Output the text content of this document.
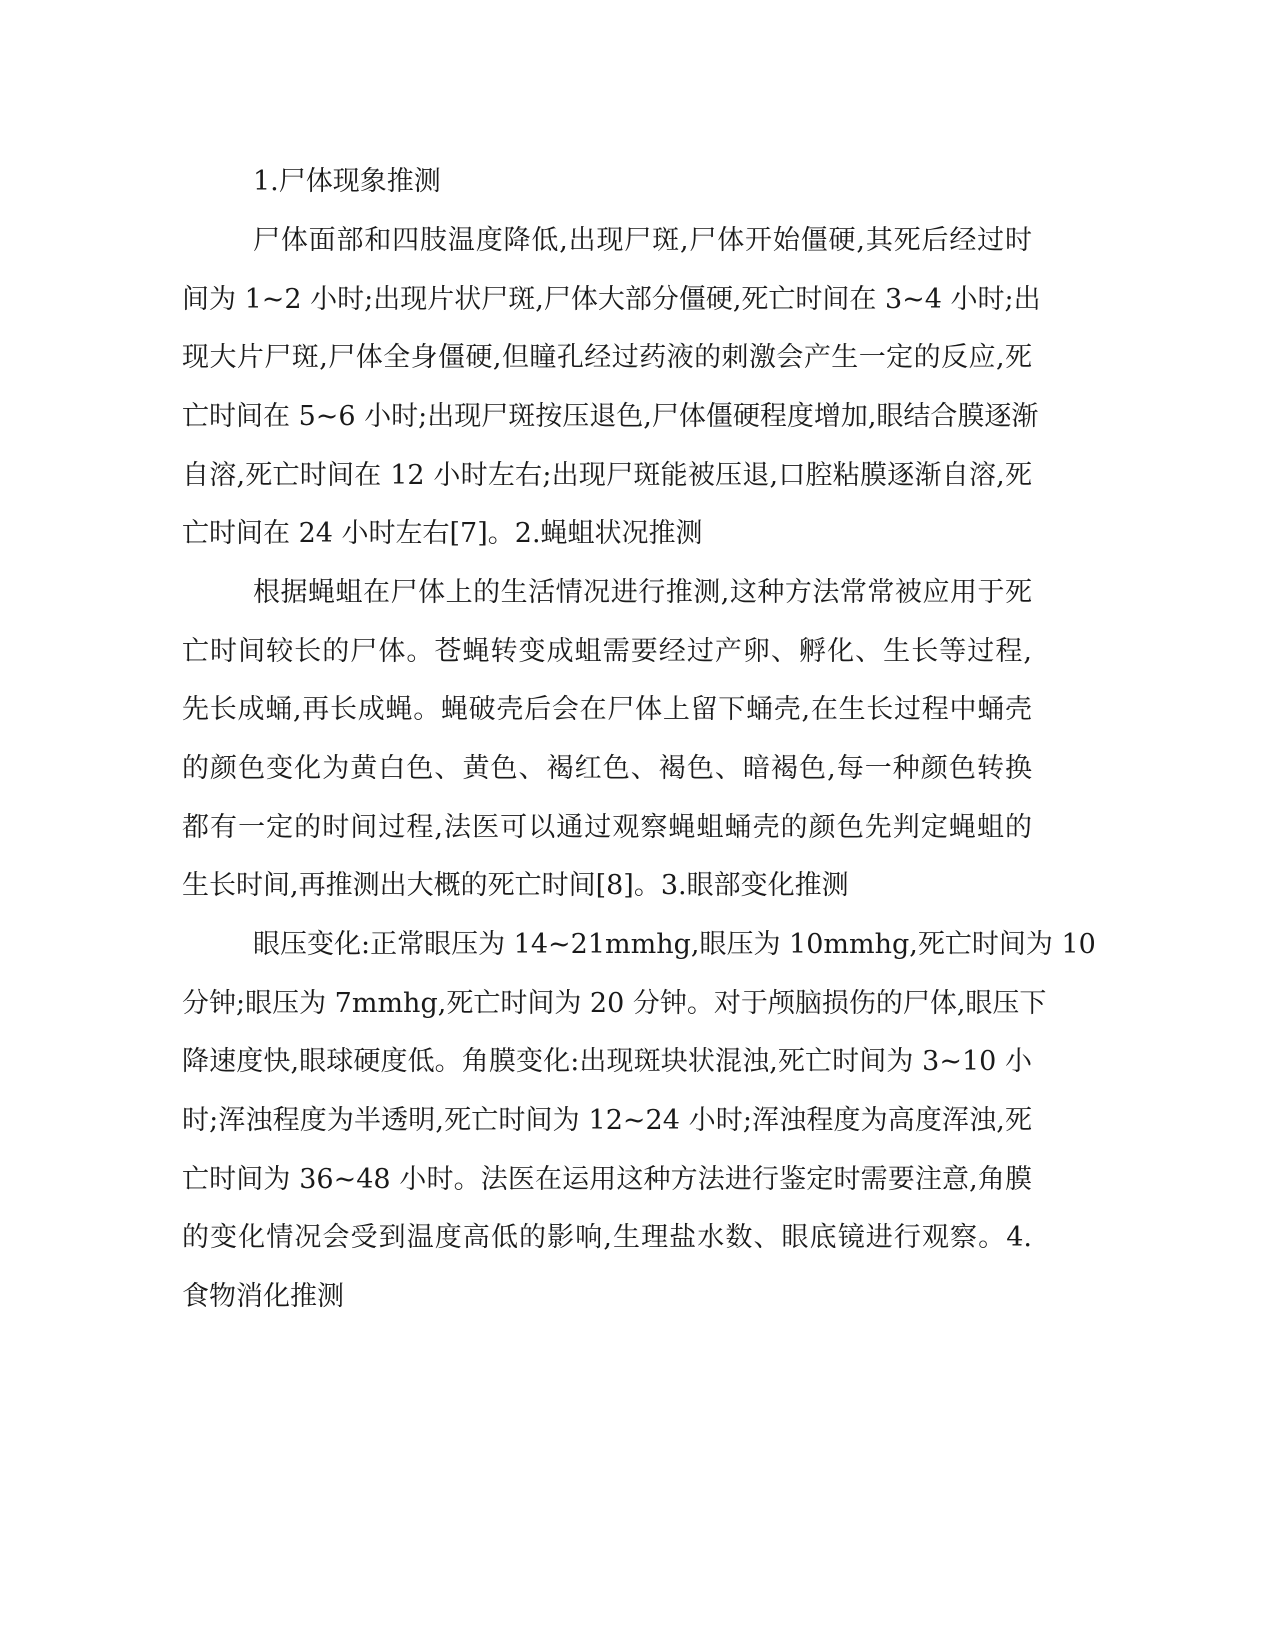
1.尸体现象推测
尸体面部和四肢温度降低,出现尸斑,尸体开始僵硬,其死后经过时
间为 1~2 小时;出现片状尸斑,尸体大部分僵硬,死亡时间在 3~4 小时;出
现大片尸斑,尸体全身僵硬,但瞳孔经过药液的刺激会产生一定的反应,死
亡时间在 5~6 小时;出现尸斑按压退色,尸体僵硬程度增加,眼结合膜逐渐
自溶,死亡时间在 12 小时左右;出现尸斑能被压退,口腔粘膜逐渐自溶,死
亡时间在 24 小时左右[7]。2.蝇蛆状况推测
根据蝇蛆在尸体上的生活情况进行推测,这种方法常常被应用于死
亡时间较长的尸体。苍蝇转变成蛆需要经过产卵、孵化、生长等过程,
先长成蛹,再长成蝇。蝇破壳后会在尸体上留下蛹壳,在生长过程中蛹壳
的颜色变化为黄白色、黄色、褐红色、褐色、暗褐色,每一种颜色转换
都有一定的时间过程,法医可以通过观察蝇蛆蛹壳的颜色先判定蝇蛆的
生长时间,再推测出大概的死亡时间[8]。3.眼部变化推测
眼压变化:正常眼压为 14~21mmhg,眼压为 10mmhg,死亡时间为 10
分钟;眼压为 7mmhg,死亡时间为 20 分钟。对于颅脑损伤的尸体,眼压下
降速度快,眼球硬度低。角膜变化:出现斑块状混浊,死亡时间为 3~10 小
时;浑浊程度为半透明,死亡时间为 12~24 小时;浑浊程度为高度浑浊,死
亡时间为 36~48 小时。法医在运用这种方法进行鉴定时需要注意,角膜
的变化情况会受到温度高低的影响,生理盐水数、眼底镜进行观察。4.
食物消化推测
